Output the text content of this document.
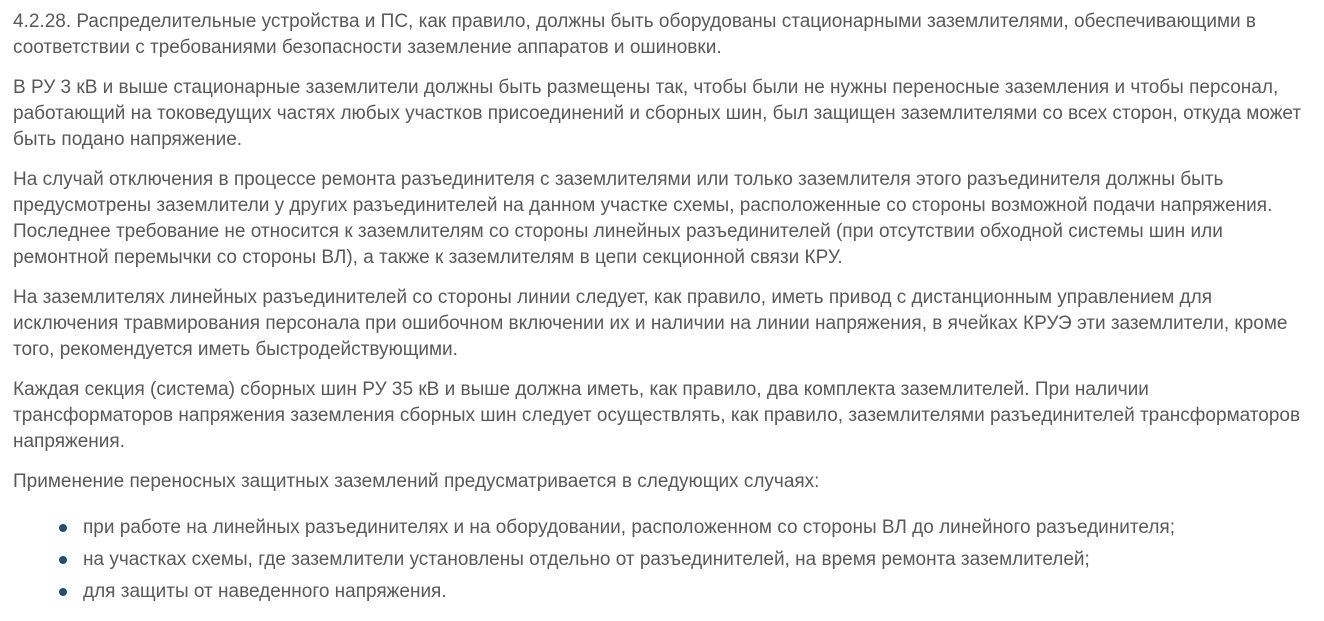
4.2.28. Распределительные устройства и ПС, как правило, должны быть оборудованы стационарными заземлителями, обеспечивающими в соответствии с требованиями безопасности заземление аппаратов и ошиновки.

В РУ 3 кВ и выше стационарные заземлители должны быть размещены так, чтобы были не нужны переносные заземления и чтобы персонал, работающий на токоведущих частях любых участков присоединений и сборных шин, был защищен заземлителями со всех сторон, откуда может быть подано напряжение.

На случай отключения в процессе ремонта разъединителя с заземлителями или только заземлителя этого разъединителя должны быть предусмотрены заземлители у других разъединителей на данном участке схемы, расположенные со стороны возможной подачи напряжения. Последнее требование не относится к заземлителям со стороны линейных разъединителей (при отсутствии обходной системы шин или ремонтной перемычки со стороны ВЛ), а также к заземлителям в цепи секционной связи КРУ.

На заземлителях линейных разъединителей со стороны линии следует, как правило, иметь привод с дистанционным управлением для исключения травмирования персонала при ошибочном включении их и наличии на линии напряжения, в ячейках КРУЭ эти заземлители, кроме того, рекомендуется иметь быстродействующими.

Каждая секция (система) сборных шин РУ 35 кВ и выше должна иметь, как правило, два комплекта заземлителей. При наличии трансформаторов напряжения заземления сборных шин следует осуществлять, как правило, заземлителями разъединителей трансформаторов напряжения.

Применение переносных защитных заземлений предусматривается в следующих случаях:

при работе на линейных разъединителях и на оборудовании, расположенном со стороны ВЛ до линейного разъединителя;
на участках схемы, где заземлители установлены отдельно от разъединителей, на время ремонта заземлителей;
для защиты от наведенного напряжения.
